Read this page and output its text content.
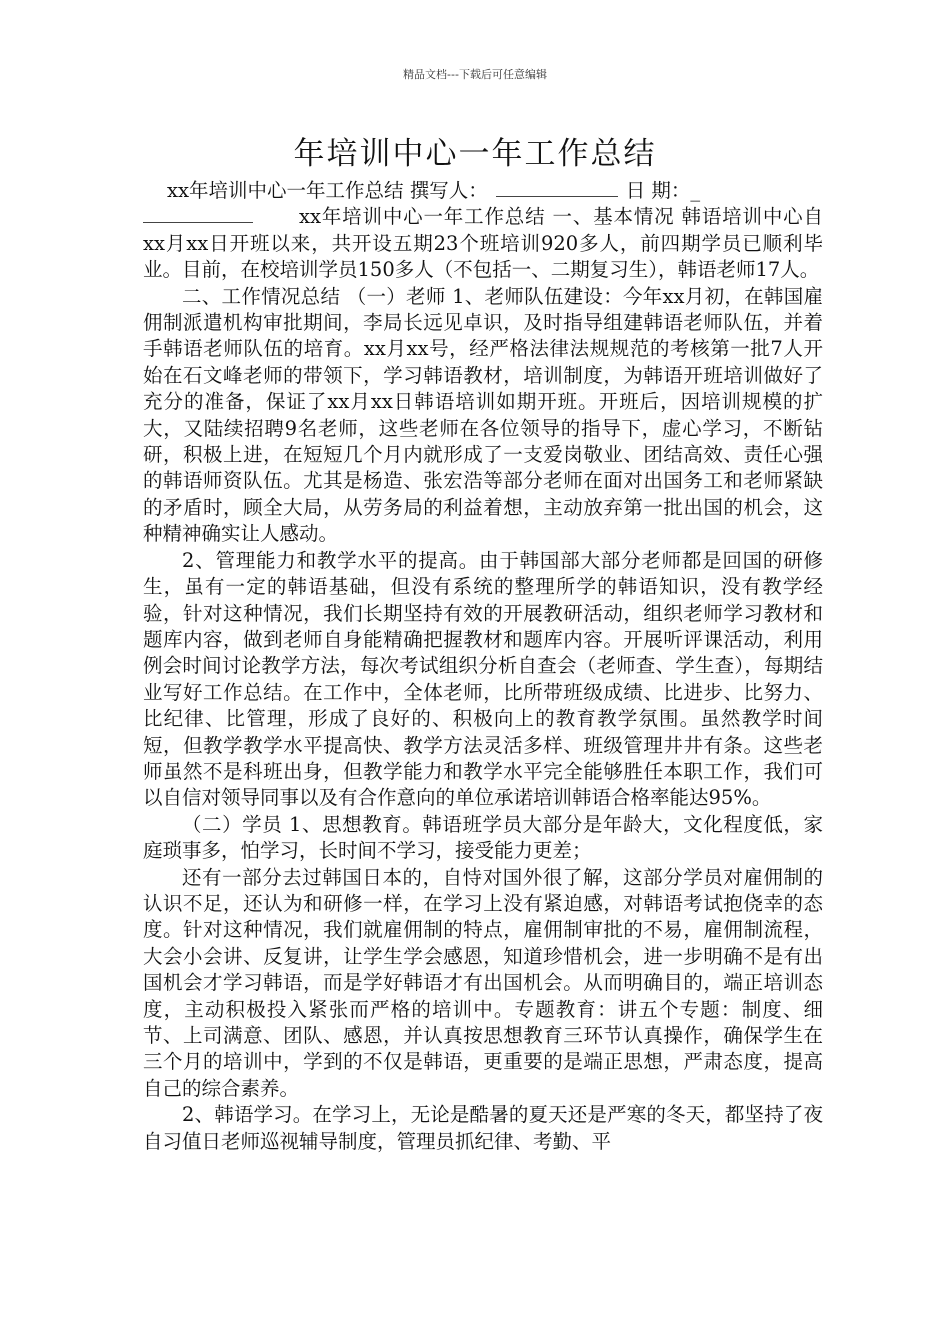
精品文档---下载后可任意编辑
年培训中心一年工作总结

xx年培训中心一年工作总结 撰写人：	日 期：_
xx年培训中心一年工作总结 一、基本情况 韩语培训中心自xx月xx日开班以来，共开设五期23个班培训920多人，前四期学员已顺利毕业。目前，在校培训学员150多人（不包括一、二期复习生），韩语老师17人。

二、工作情况总结 （一）老师 1、老师队伍建设：今年xx月初，在韩国雇佣制派遣机构审批期间，李局长远见卓识，及时指导组建韩语老师队伍，并着手韩语老师队伍的培育。xx月xx号，经严格法律法规规范的考核第一批7人开始在石文峰老师的带领下，学习韩语教材，培训制度，为韩语开班培训做好了充分的准备，保证了xx月xx日韩语培训如期开班。开班后，因培训规模的扩大，又陆续招聘9名老师，这些老师在各位领导的指导下，虚心学习，不断钻研，积极上进，在短短几个月内就形成了一支爱岗敬业、团结高效、责任心强的韩语师资队伍。尤其是杨造、张宏浩等部分老师在面对出国务工和老师紧缺的矛盾时，顾全大局，从劳务局的利益着想，主动放弃第一批出国的机会，这种精神确实让人感动。

2、管理能力和教学水平的提高。由于韩国部大部分老师都是回国的研修生，虽有一定的韩语基础，但没有系统的整理所学的韩语知识，没有教学经验，针对这种情况，我们长期坚持有效的开展教研活动，组织老师学习教材和题库内容，做到老师自身能精确把握教材和题库内容。开展听评课活动，利用例会时间讨论教学方法，每次考试组织分析自查会（老师查、学生查），每期结业写好工作总结。在工作中，全体老师，比所带班级成绩、比进步、比努力、比纪律、比管理，形成了良好的、积极向上的教育教学氛围。虽然教学时间短，但教学教学水平提高快、教学方法灵活多样、班级管理井井有条。这些老师虽然不是科班出身，但教学能力和教学水平完全能够胜任本职工作，我们可以自信对领导同事以及有合作意向的单位承诺培训韩语合格率能达95%。

（二）学员 1、思想教育。韩语班学员大部分是年龄大，文化程度低，家庭琐事多，怕学习，长时间不学习，接受能力更差；

还有一部分去过韩国日本的，自恃对国外很了解，这部分学员对雇佣制的认识不足，还认为和研修一样，在学习上没有紧迫感，对韩语考试抱侥幸的态度。针对这种情况，我们就雇佣制的特点，雇佣制审批的不易，雇佣制流程，大会小会讲、反复讲，让学生学会感恩，知道珍惜机会，进一步明确不是有出国机会才学习韩语，而是学好韩语才有出国机会。从而明确目的，端正培训态度，主动积极投入紧张而严格的培训中。专题教育：讲五个专题：制度、细节、上司满意、团队、感恩，并认真按思想教育三环节认真操作，确保学生在三个月的培训中，学到的不仅是韩语，更重要的是端正思想，严肃态度，提高自己的综合素养。

2、韩语学习。在学习上，无论是酷暑的夏天还是严寒的冬天，都坚持了夜自习值日老师巡视辅导制度，管理员抓纪律、考勤、平
